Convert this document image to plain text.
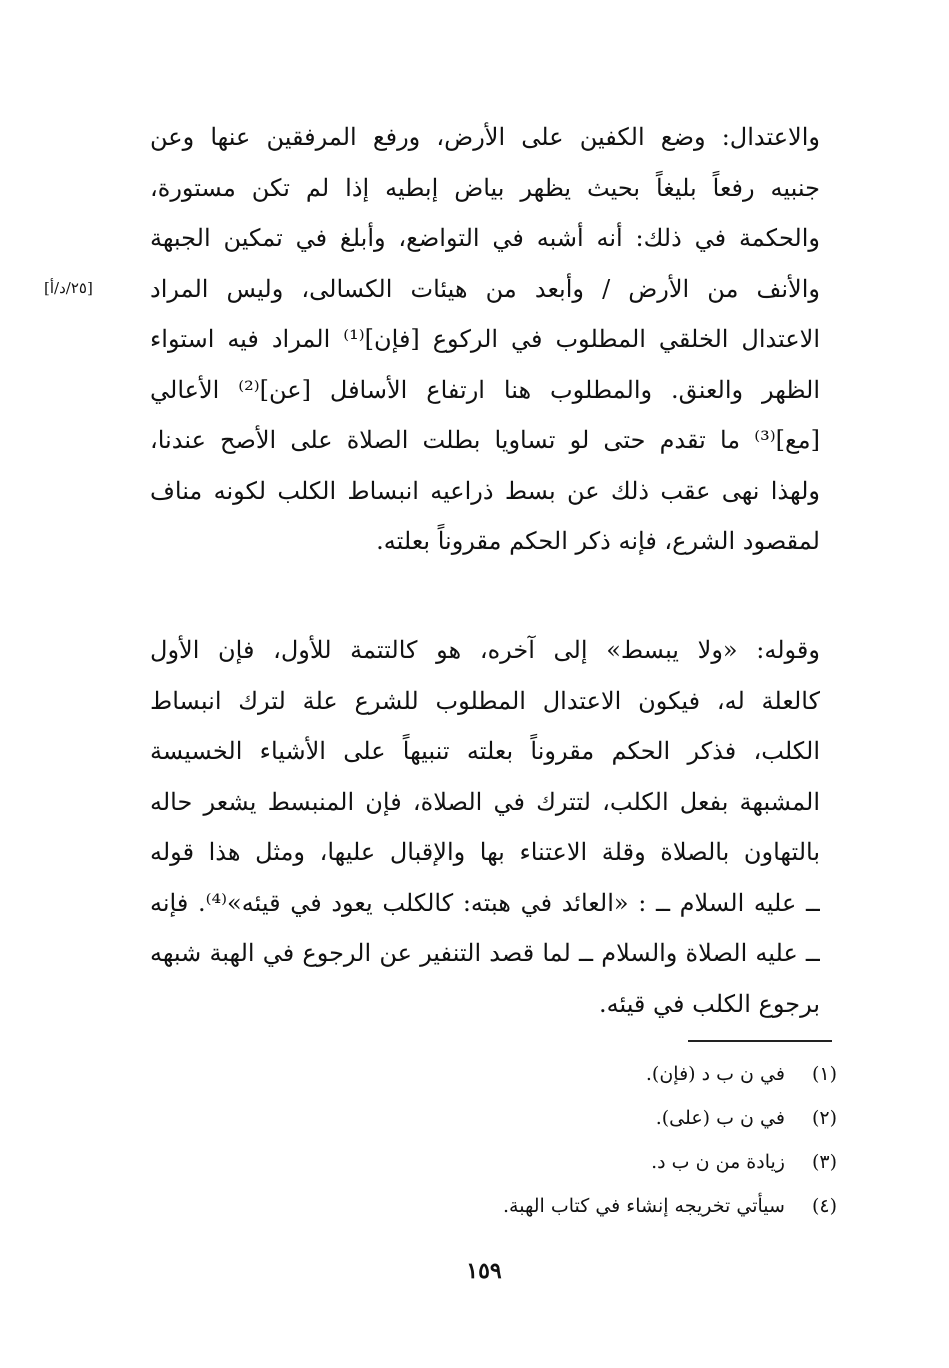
والاعتدال: وضع الكفين على الأرض، ورفع المرفقين عنها وعن
جنبيه رفعاً بليغاً بحيث يظهر بياض إبطيه إذا لم تكن مستورة،
والحكمة في ذلك: أنه أشبه في التواضع، وأبلغ في تمكين الجبهة
والأنف من الأرض / وأبعد من هيئات الكسالى، وليس المراد
الاعتدال الخلقي المطلوب في الركوع [فإن]⁽¹⁾ المراد فيه استواء
الظهر والعنق. والمطلوب هنا ارتفاع الأسافل [عن]⁽²⁾ الأعالي
[مع]⁽³⁾ ما تقدم حتى لو تساويا بطلت الصلاة على الأصح عندنا،
ولهذا نهى عقب ذلك عن بسط ذراعيه انبساط الكلب لكونه مناف
لمقصود الشرع، فإنه ذكر الحكم مقروناً بعلته.
[٢٥/د/أ]
وقوله: «ولا يبسط» إلى آخره، هو كالتتمة للأول، فإن الأول
كالعلة له، فيكون الاعتدال المطلوب للشرع علة لترك انبساط
الكلب، فذكر الحكم مقروناً بعلته تنبيهاً على الأشياء الخسيسة
المشبهة بفعل الكلب، لتترك في الصلاة، فإن المنبسط يشعر حاله
بالتهاون بالصلاة وقلة الاعتناء بها والإقبال عليها، ومثل هذا قوله
ــ عليه السلام ــ : «العائد في هبته: كالكلب يعود في قيئه»⁽⁴⁾. فإنه
ــ عليه الصلاة والسلام ــ لما قصد التنفير عن الرجوع في الهبة شبهه
برجوع الكلب في قيئه.
(١) في ن ب د (فإن).
(٢) في ن ب (على).
(٣) زيادة من ن ب د.
(٤) سيأتي تخريجه إنشاء في كتاب الهبة.
١٥٩
